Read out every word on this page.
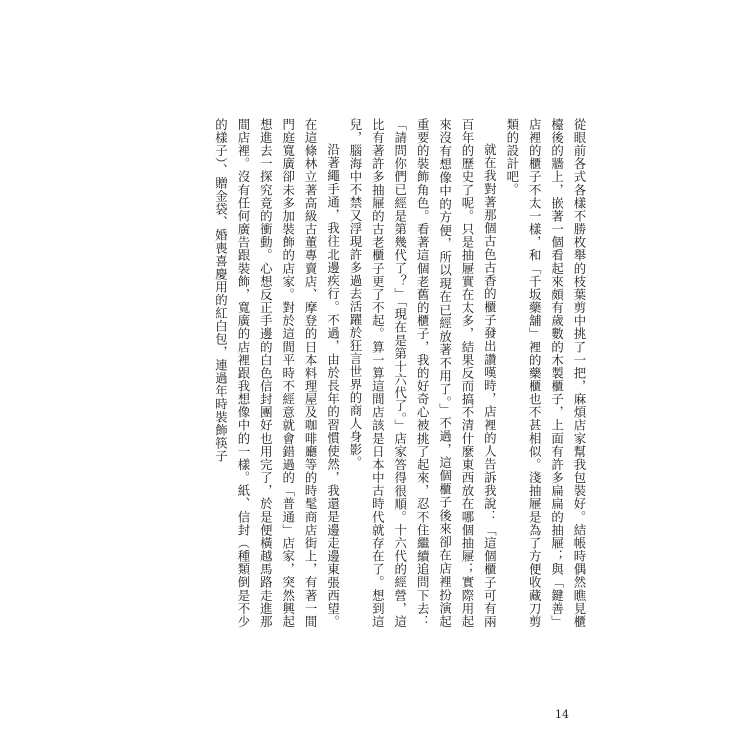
從眼前各式各樣不勝枚舉的枝葉剪中挑了一把，麻煩店家幫我包裝好。結帳時偶然瞧見櫃檯後的牆上，嵌著一個看起來頗有歲數的木製櫃子，上面有許多扁扁的抽屜；與「鍵善」店裡的櫃子不太一樣，和「千坂藥舖」裡的藥櫃也不甚相似。淺抽屜是為了方便收藏刀剪類的設計吧。

就在我對著那個古色古香的櫃子發出讚嘆時，店裡的人告訴我說：「這個櫃子可有兩百年的歷史了呢。只是抽屜實在太多，結果反而搞不清什麼東西放在哪個抽屜；實際用起來沒有想像中的方便，所以現在已經放著不用了。」不過，這個櫃子後來卻在店裡扮演起重要的裝飾角色。看著這個老舊的櫃子，我的好奇心被挑了起來，忍不住繼續追問下去：「請問你們已經是第幾代了？」「現在是第十六代了。」店家答得很順。十六代的經營，這比有著許多抽屜的古老櫃子更了不起。算一算這間店該是日本中古時代就存在了。想到這兒，腦海中不禁又浮現許多過去活躍於狂言世界的商人身影。

沿著繩手通，我往北邊疾行。不過，由於長年的習慣使然，我還是邊走邊東張西望。在這條林立著高級古董專賣店、摩登的日本料理屋及咖啡廳等的時髦商店街上，有著一間門庭寬廣卻未多加裝飾的店家。對於這間平時不經意就會錯過的「普通」店家，突然興起想進去一探究竟的衝動。心想反正手邊的白色信封團好也用完了，於是便橫越馬路走進那間店裡。沒有任何廣告跟裝飾，寬廣的店裡跟我想像中的一樣。紙、信封（種類倒是不少的樣子）、贈金袋、婚喪喜慶用的紅白包，連過年時裝飾筷子

14
